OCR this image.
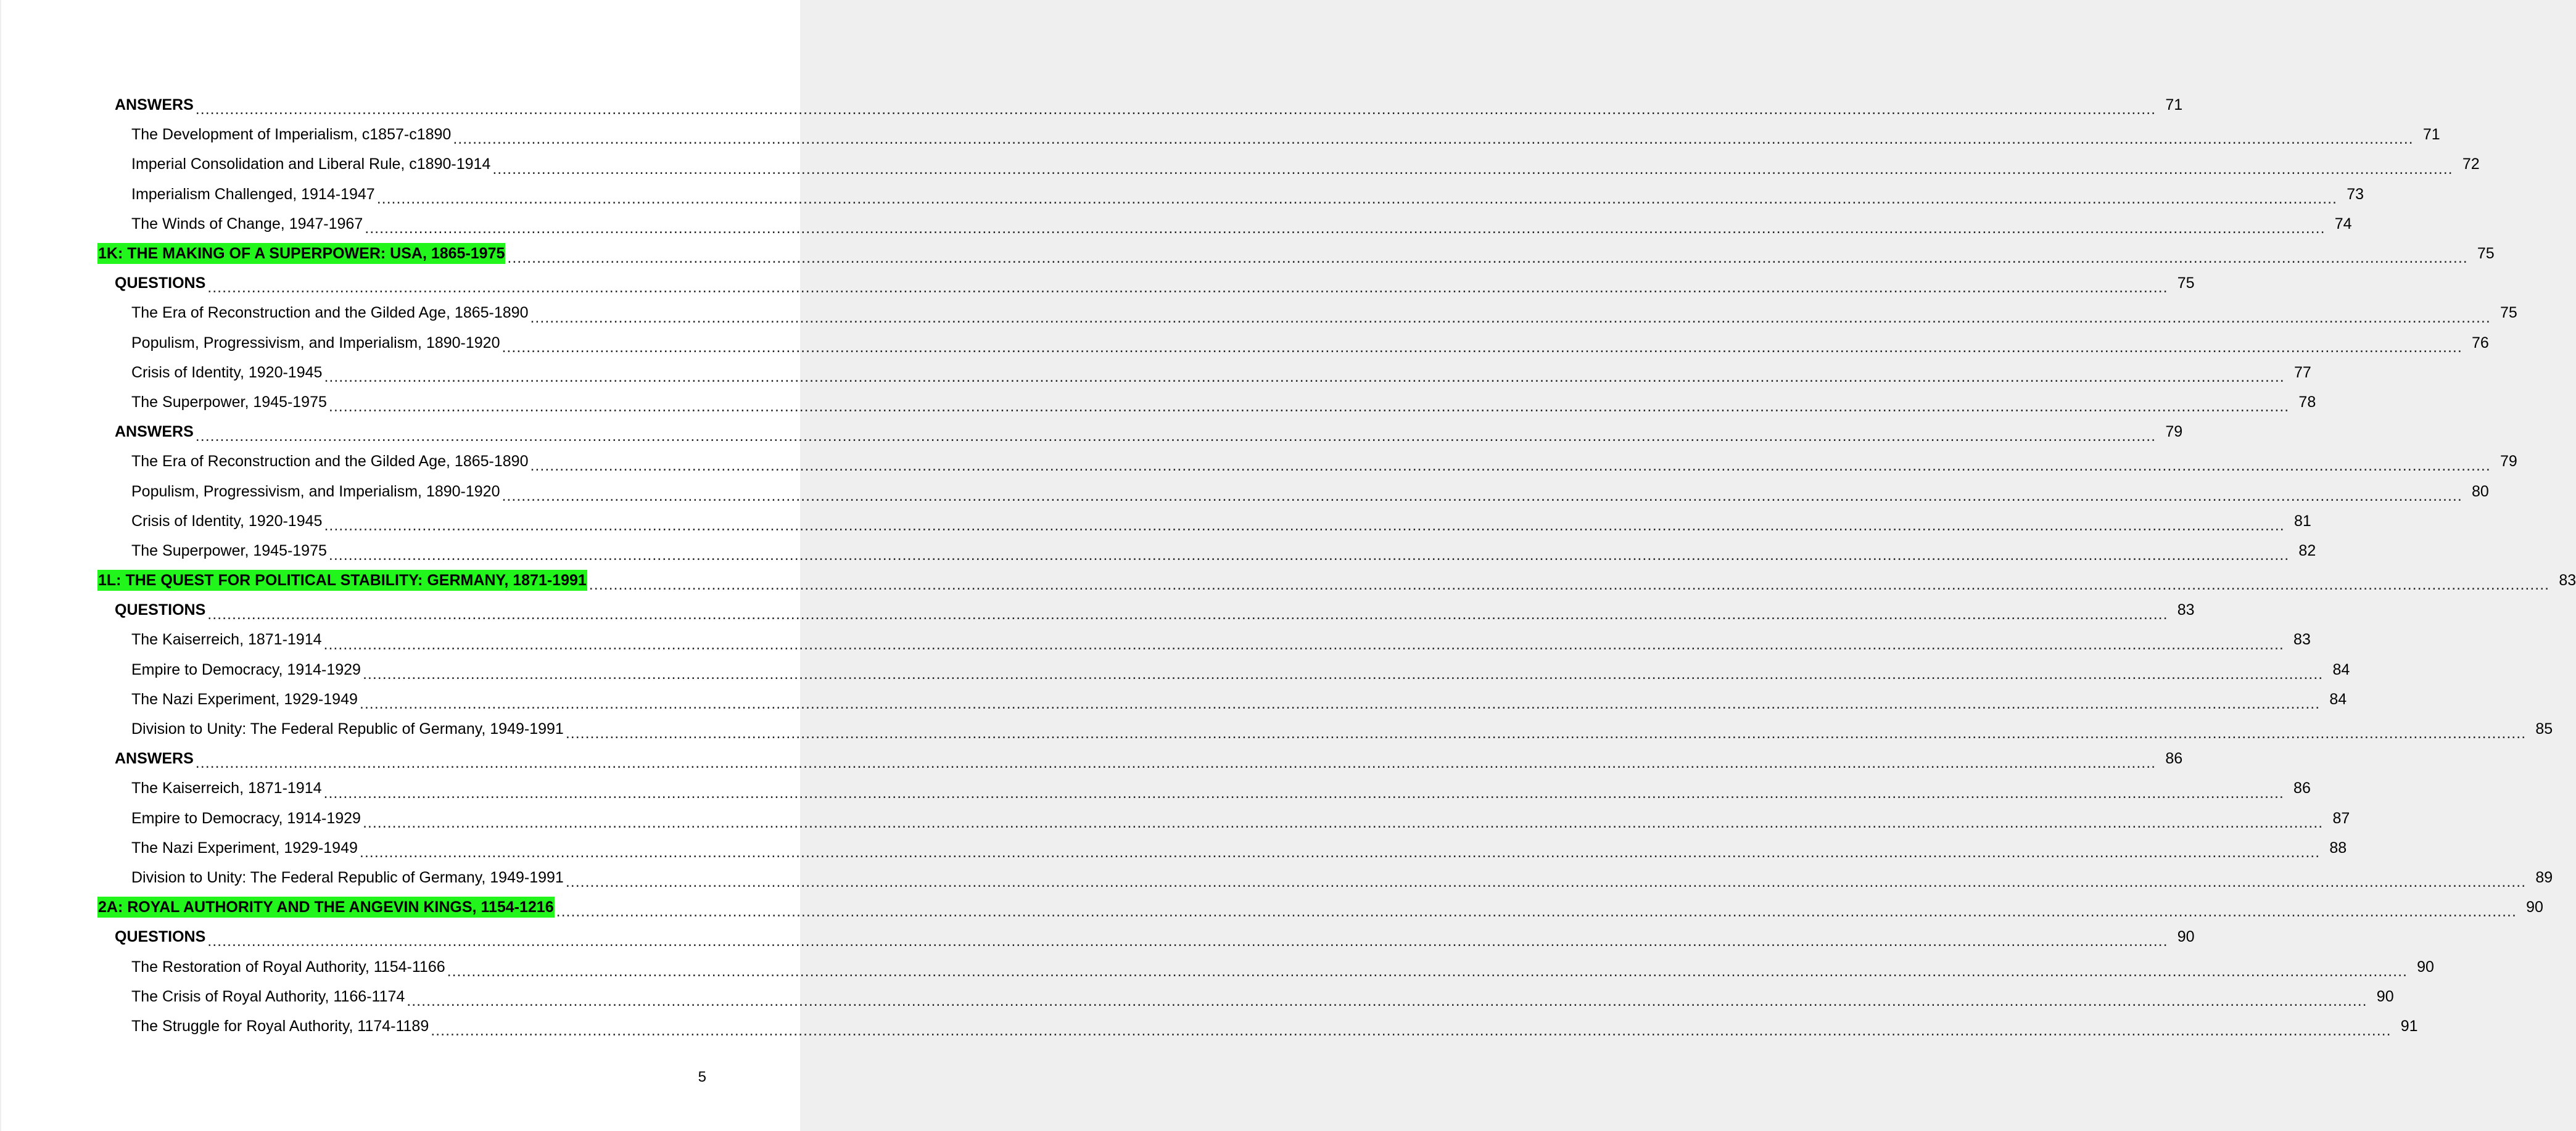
ANSWERS ................................................................................................................................................................................................................................................................................................................................................................................................................ 71
The Development of Imperialism, c1857-c1890 ................................................................................................................................................................................................................................................................................................................................................................................................................ 71
Imperial Consolidation and Liberal Rule, c1890-1914 ................................................................................................................................................................................................................................................................................................................................................................................................................ 72
Imperialism Challenged, 1914-1947 ................................................................................................................................................................................................................................................................................................................................................................................................................ 73
The Winds of Change, 1947-1967 ................................................................................................................................................................................................................................................................................................................................................................................................................ 74
1K: THE MAKING OF A SUPERPOWER: USA, 1865-1975 ................................................................................................................................................................................................................................................................................................................................................................................................................ 75
QUESTIONS ................................................................................................................................................................................................................................................................................................................................................................................................................ 75
The Era of Reconstruction and the Gilded Age, 1865-1890 ................................................................................................................................................................................................................................................................................................................................................................................................................ 75
Populism, Progressivism, and Imperialism, 1890-1920 ................................................................................................................................................................................................................................................................................................................................................................................................................ 76
Crisis of Identity, 1920-1945 ................................................................................................................................................................................................................................................................................................................................................................................................................ 77
The Superpower, 1945-1975 ................................................................................................................................................................................................................................................................................................................................................................................................................ 78
ANSWERS ................................................................................................................................................................................................................................................................................................................................................................................................................ 79
The Era of Reconstruction and the Gilded Age, 1865-1890 ................................................................................................................................................................................................................................................................................................................................................................................................................ 79
Populism, Progressivism, and Imperialism, 1890-1920 ................................................................................................................................................................................................................................................................................................................................................................................................................ 80
Crisis of Identity, 1920-1945 ................................................................................................................................................................................................................................................................................................................................................................................................................ 81
The Superpower, 1945-1975 ................................................................................................................................................................................................................................................................................................................................................................................................................ 82
1L: THE QUEST FOR POLITICAL STABILITY: GERMANY, 1871-1991 ................................................................................................................................................................................................................................................................................................................................................................................................................ 83
QUESTIONS ................................................................................................................................................................................................................................................................................................................................................................................................................ 83
The Kaiserreich, 1871-1914 ................................................................................................................................................................................................................................................................................................................................................................................................................ 83
Empire to Democracy, 1914-1929 ................................................................................................................................................................................................................................................................................................................................................................................................................ 84
The Nazi Experiment, 1929-1949 ................................................................................................................................................................................................................................................................................................................................................................................................................ 84
Division to Unity: The Federal Republic of Germany, 1949-1991 ................................................................................................................................................................................................................................................................................................................................................................................................................ 85
ANSWERS ................................................................................................................................................................................................................................................................................................................................................................................................................ 86
The Kaiserreich, 1871-1914 ................................................................................................................................................................................................................................................................................................................................................................................................................ 86
Empire to Democracy, 1914-1929 ................................................................................................................................................................................................................................................................................................................................................................................................................ 87
The Nazi Experiment, 1929-1949 ................................................................................................................................................................................................................................................................................................................................................................................................................ 88
Division to Unity: The Federal Republic of Germany, 1949-1991 ................................................................................................................................................................................................................................................................................................................................................................................................................ 89
2A: ROYAL AUTHORITY AND THE ANGEVIN KINGS, 1154-1216 ................................................................................................................................................................................................................................................................................................................................................................................................................ 90
QUESTIONS ................................................................................................................................................................................................................................................................................................................................................................................................................ 90
The Restoration of Royal Authority, 1154-1166 ................................................................................................................................................................................................................................................................................................................................................................................................................ 90
The Crisis of Royal Authority, 1166-1174 ................................................................................................................................................................................................................................................................................................................................................................................................................ 90
The Struggle for Royal Authority, 1174-1189 ................................................................................................................................................................................................................................................................................................................................................................................................................ 91
5
